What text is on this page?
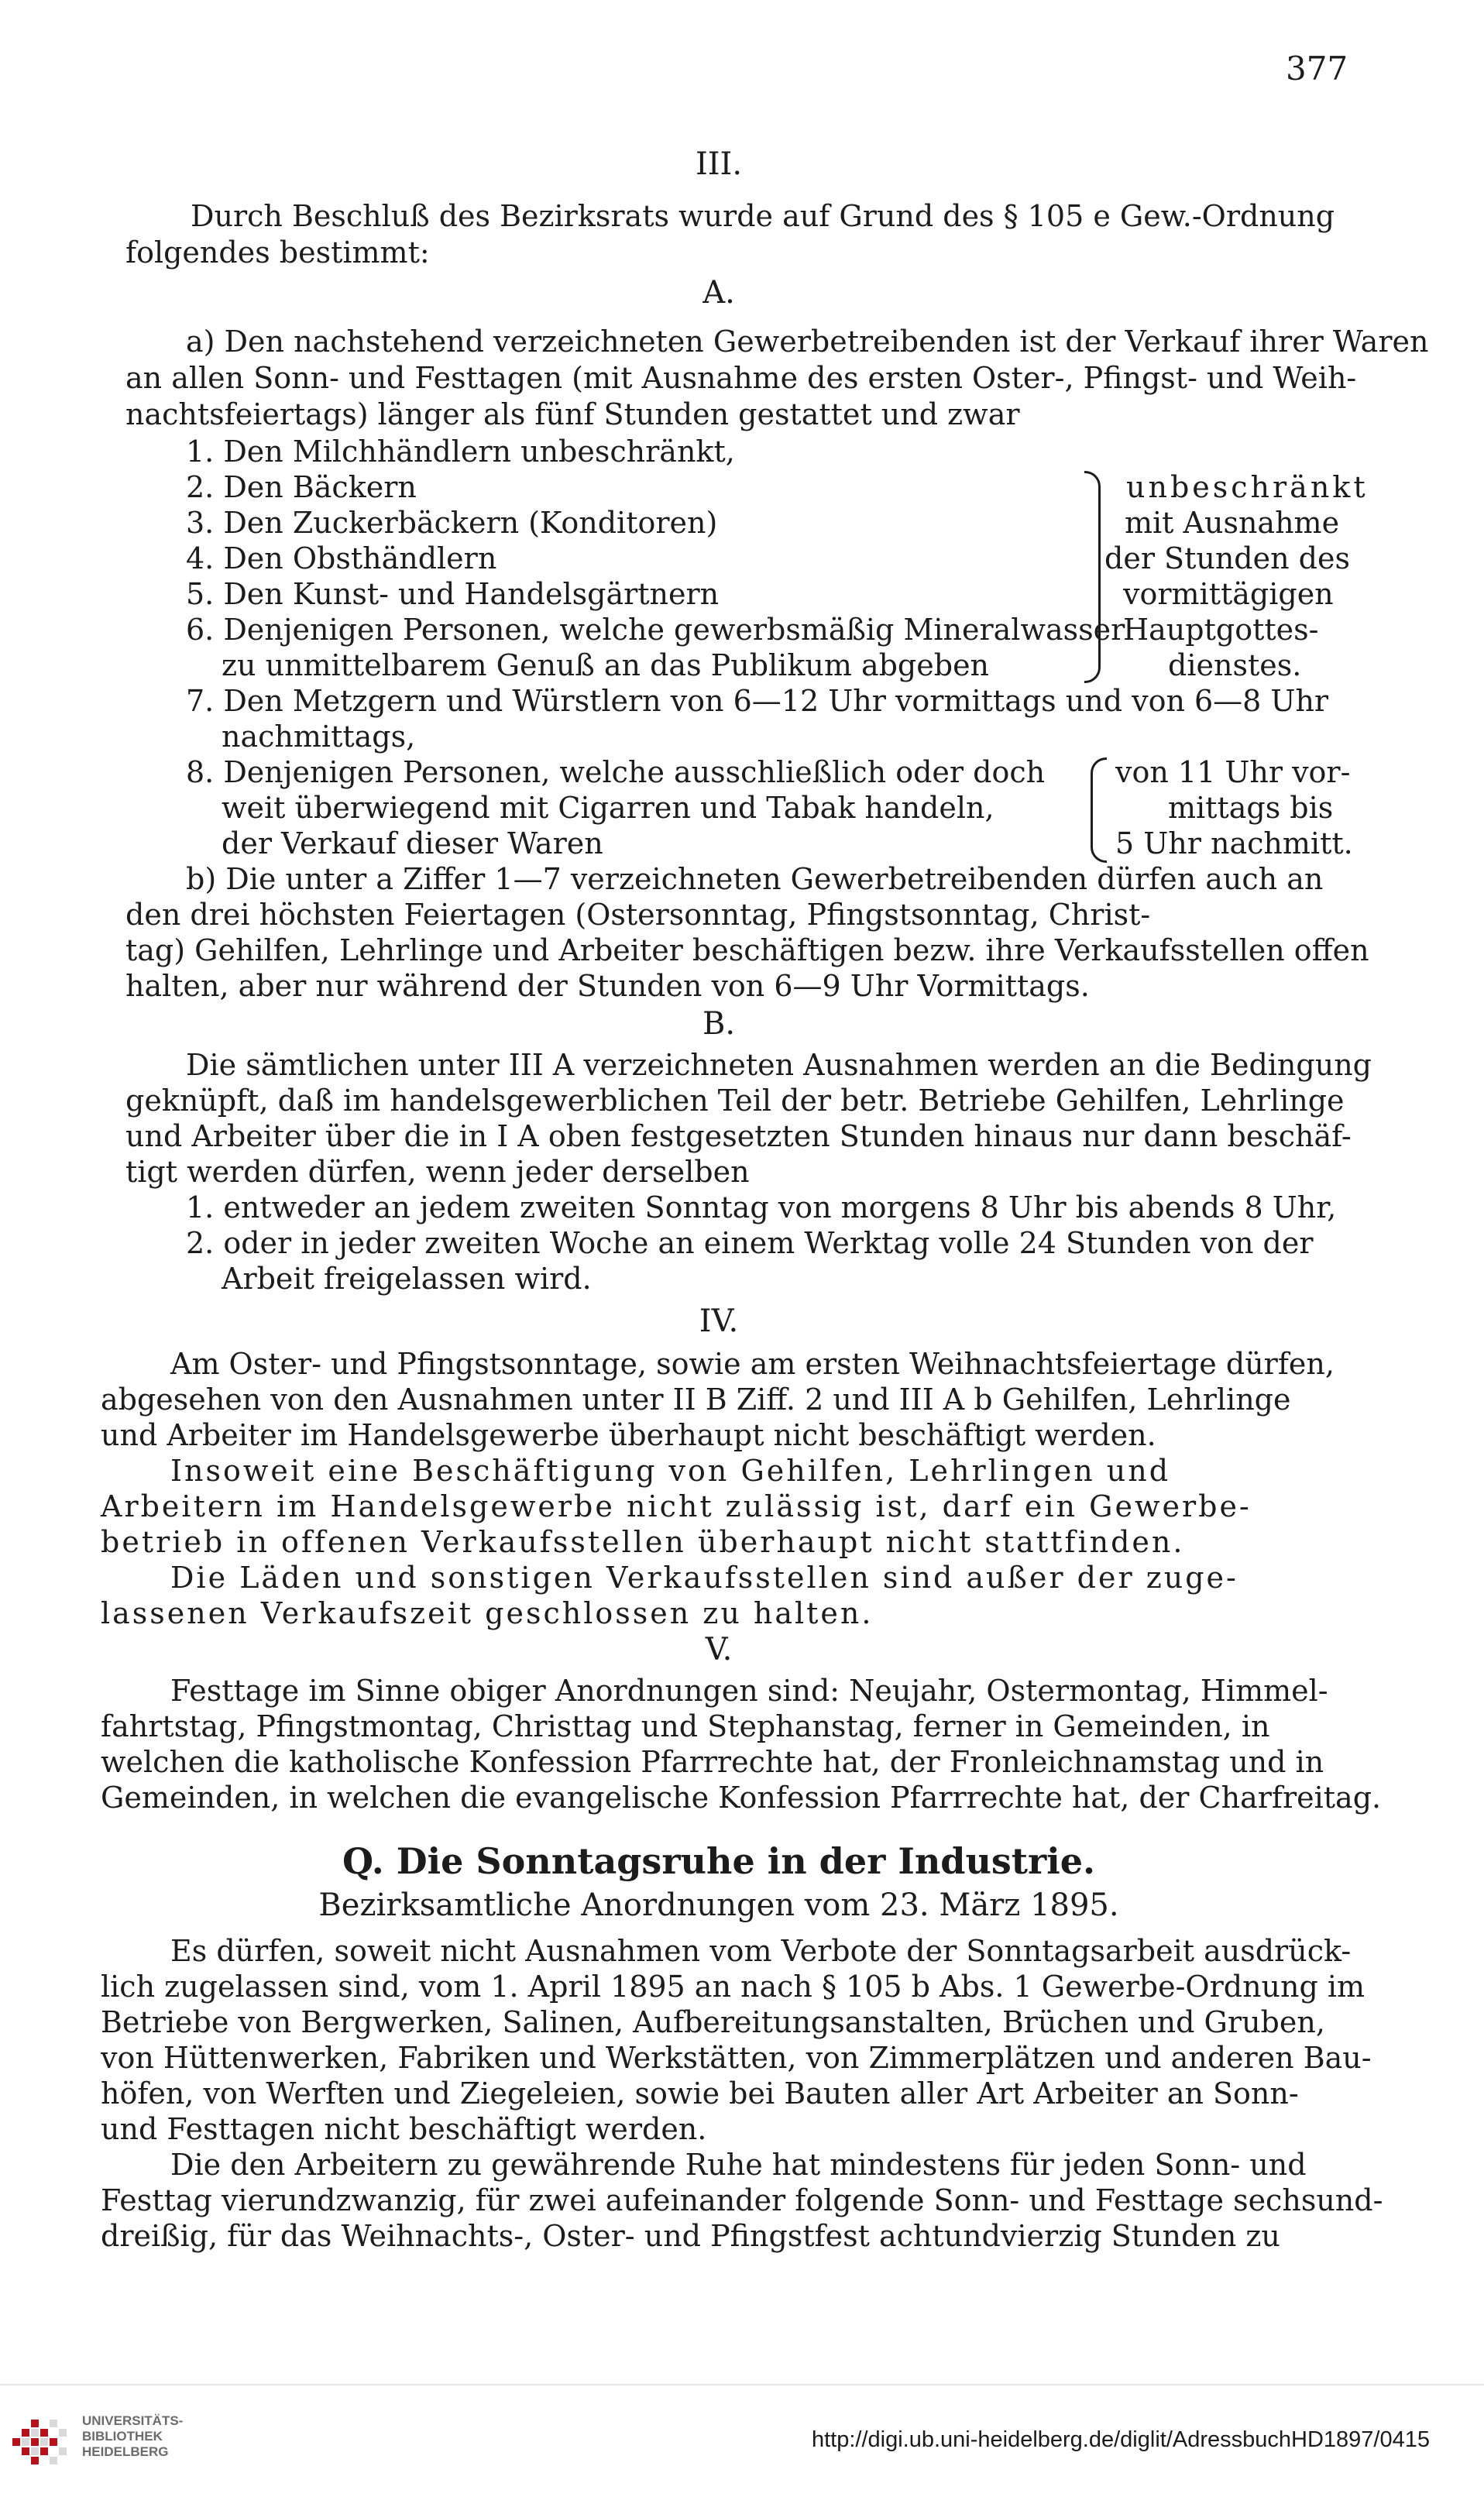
377
III.
Durch Beschluß des Bezirksrats wurde auf Grund des § 105 e Gew.-Ordnung
folgendes bestimmt:
A.
a) Den nachstehend verzeichneten Gewerbetreibenden ist der Verkauf ihrer Waren
an allen Sonn- und Festtagen (mit Ausnahme des ersten Oster-, Pfingst- und Weih-
nachtsfeiertags) länger als fünf Stunden gestattet und zwar
1. Den Milchhändlern unbeschränkt,
2. Den Bäckern
3. Den Zuckerbäckern (Konditoren)
4. Den Obsthändlern
5. Den Kunst- und Handelsgärtnern
6. Denjenigen Personen, welche gewerbsmäßig Mineralwasser
zu unmittelbarem Genuß an das Publikum abgeben
unbeschränkt
mit Ausnahme
der Stunden des
vormittägigen
Hauptgottes-
dienstes.
7. Den Metzgern und Würstlern von 6—12 Uhr vormittags und von 6—8 Uhr
nachmittags,
8. Denjenigen Personen, welche ausschließlich oder doch
weit überwiegend mit Cigarren und Tabak handeln,
der Verkauf dieser Waren
von 11 Uhr vor-
mittags bis
5 Uhr nachmitt.
b) Die unter a Ziffer 1—7 verzeichneten Gewerbetreibenden dürfen auch an
den drei höchsten Feiertagen (Ostersonntag, Pfingstsonntag, Christ-
tag) Gehilfen, Lehrlinge und Arbeiter beschäftigen bezw. ihre Verkaufsstellen offen
halten, aber nur während der Stunden von 6—9 Uhr Vormittags.
B.
Die sämtlichen unter III A verzeichneten Ausnahmen werden an die Bedingung
geknüpft, daß im handelsgewerblichen Teil der betr. Betriebe Gehilfen, Lehrlinge
und Arbeiter über die in I A oben festgesetzten Stunden hinaus nur dann beschäf-
tigt werden dürfen, wenn jeder derselben
1. entweder an jedem zweiten Sonntag von morgens 8 Uhr bis abends 8 Uhr,
2. oder in jeder zweiten Woche an einem Werktag volle 24 Stunden von der
Arbeit freigelassen wird.
IV.
Am Oster- und Pfingstsonntage, sowie am ersten Weihnachtsfeiertage dürfen,
abgesehen von den Ausnahmen unter II B Ziff. 2 und III A b Gehilfen, Lehrlinge
und Arbeiter im Handelsgewerbe überhaupt nicht beschäftigt werden.
Insoweit eine Beschäftigung von Gehilfen, Lehrlingen und
Arbeitern im Handelsgewerbe nicht zulässig ist, darf ein Gewerbe-
betrieb in offenen Verkaufsstellen überhaupt nicht stattfinden.
Die Läden und sonstigen Verkaufsstellen sind außer der zuge-
lassenen Verkaufszeit geschlossen zu halten.
V.
Festtage im Sinne obiger Anordnungen sind: Neujahr, Ostermontag, Himmel-
fahrtstag, Pfingstmontag, Christtag und Stephanstag, ferner in Gemeinden, in
welchen die katholische Konfession Pfarrrechte hat, der Fronleichnamstag und in
Gemeinden, in welchen die evangelische Konfession Pfarrrechte hat, der Charfreitag.
Q. Die Sonntagsruhe in der Industrie.
Bezirksamtliche Anordnungen vom 23. März 1895.
Es dürfen, soweit nicht Ausnahmen vom Verbote der Sonntagsarbeit ausdrück-
lich zugelassen sind, vom 1. April 1895 an nach § 105 b Abs. 1 Gewerbe-Ordnung im
Betriebe von Bergwerken, Salinen, Aufbereitungsanstalten, Brüchen und Gruben,
von Hüttenwerken, Fabriken und Werkstätten, von Zimmerplätzen und anderen Bau-
höfen, von Werften und Ziegeleien, sowie bei Bauten aller Art Arbeiter an Sonn-
und Festtagen nicht beschäftigt werden.
Die den Arbeitern zu gewährende Ruhe hat mindestens für jeden Sonn- und
Festtag vierundzwanzig, für zwei aufeinander folgende Sonn- und Festtage sechsund-
dreißig, für das Weihnachts-, Oster- und Pfingstfest achtundvierzig Stunden zu
UNIVERSITÄTS-
BIBLIOTHEK
HEIDELBERG	http://digi.ub.uni-heidelberg.de/diglit/AdressbuchHD1897/0415
